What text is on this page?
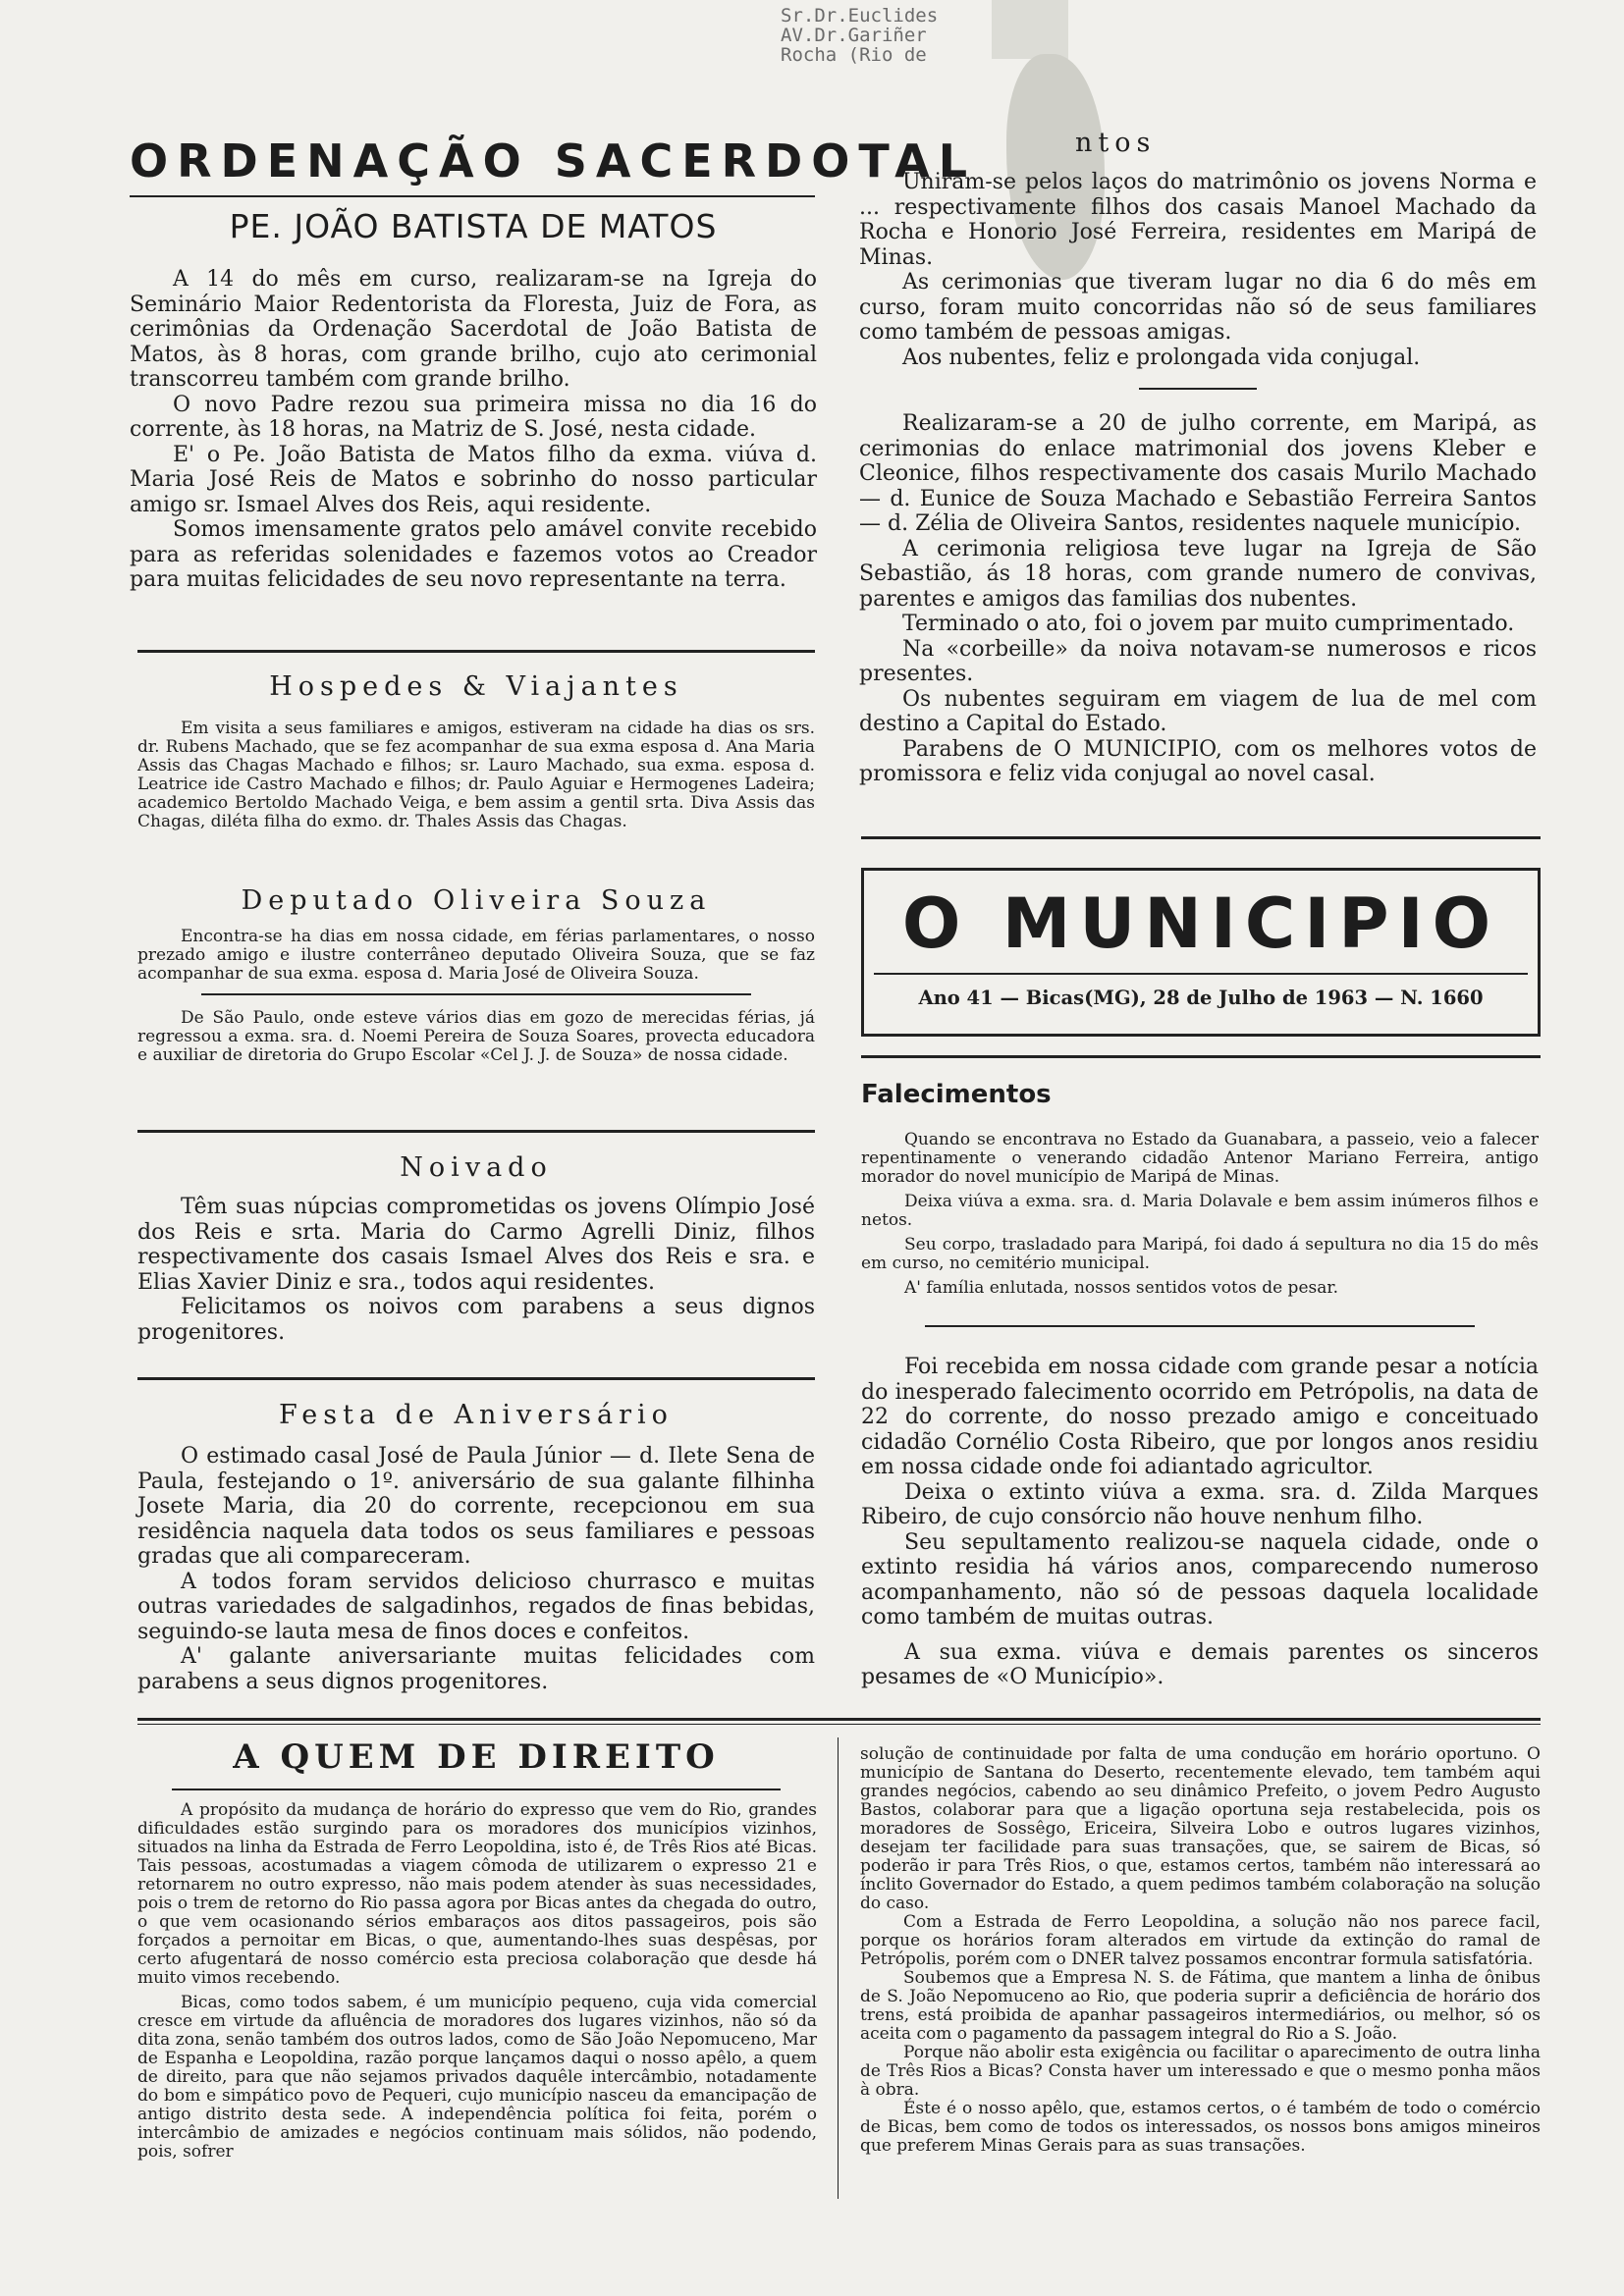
Sr.Dr.Euclides
AV.Dr.Gariñer
Rocha (Rio de
ORDENAÇÃO SACERDOTAL
PE. JOÃO BATISTA DE MATOS

A 14 do mês em curso, realizaram-se na Igreja do Seminário Maior Redentorista da Floresta, Juiz de Fora, as cerimônias da Ordenação Sacerdotal de João Batista de Matos, às 8 horas, com grande brilho, cujo ato cerimonial transcorreu também com grande brilho.

O novo Padre rezou sua primeira missa no dia 16 do corrente, às 18 horas, na Matriz de S. José, nesta cidade.

E' o Pe. João Batista de Matos filho da exma. viúva d. Maria José Reis de Matos e sobrinho do nosso particular amigo sr. Ismael Alves dos Reis, aqui residente.

Somos imensamente gratos pelo amável convite recebido para as referidas solenidades e fazemos votos ao Creador para muitas felicidades de seu novo representante na terra.

Hospedes & Viajantes

Em visita a seus familiares e amigos, estiveram na cidade ha dias os srs. dr. Rubens Machado, que se fez acompanhar de sua exma esposa d. Ana Maria Assis das Chagas Machado e filhos; sr. Lauro Machado, sua exma. esposa d. Leatrice ide Castro Machado e filhos; dr. Paulo Aguiar e Hermogenes Ladeira; academico Bertoldo Machado Veiga, e bem assim a gentil srta. Diva Assis das Chagas, diléta filha do exmo. dr. Thales Assis das Chagas.

Deputado Oliveira Souza

Encontra-se ha dias em nossa cidade, em férias parlamentares, o nosso prezado amigo e ilustre conterrâneo deputado Oliveira Souza, que se faz acompanhar de sua exma. esposa d. Maria José de Oliveira Souza.

De São Paulo, onde esteve vários dias em gozo de merecidas férias, já regressou a exma. sra. d. Noemi Pereira de Souza Soares, provecta educadora e auxiliar de diretoria do Grupo Escolar «Cel J. J. de Souza» de nossa cidade.

Noivado

Têm suas núpcias comprometidas os jovens Olímpio José dos Reis e srta. Maria do Carmo Agrelli Diniz, filhos respectivamente dos casais Ismael Alves dos Reis e sra. e Elias Xavier Diniz e sra., todos aqui residentes.

Felicitamos os noivos com parabens a seus dignos progenitores.

Festa de Aniversário

O estimado casal José de Paula Júnior — d. Ilete Sena de Paula, festejando o 1º. aniversário de sua galante filhinha Josete Maria, dia 20 do corrente, recepcionou em sua residência naquela data todos os seus familiares e pessoas gradas que ali compareceram.

A todos foram servidos delicioso churrasco e muitas outras variedades de salgadinhos, regados de finas bebidas, seguindo-se lauta mesa de finos doces e confeitos.

A' galante aniversariante muitas felicidades com parabens a seus dignos progenitores.

ntos

Uniram-se pelos laços do matrimônio os jovens Norma e ... respectivamente filhos dos casais Manoel Machado da Rocha e Honorio José Ferreira, residentes em Maripá de Minas.

As cerimonias que tiveram lugar no dia 6 do mês em curso, foram muito concorridas não só de seus familiares como também de pessoas amigas.

Aos nubentes, feliz e prolongada vida conjugal.

Realizaram-se a 20 de julho corrente, em Maripá, as cerimonias do enlace matrimonial dos jovens Kleber e Cleonice, filhos respectivamente dos casais Murilo Machado — d. Eunice de Souza Machado e Sebastião Ferreira Santos — d. Zélia de Oliveira Santos, residentes naquele município.

A cerimonia religiosa teve lugar na Igreja de São Sebastião, ás 18 horas, com grande numero de convivas, parentes e amigos das familias dos nubentes.

Terminado o ato, foi o jovem par muito cumprimentado.

Na «corbeille» da noiva notavam-se numerosos e ricos presentes.

Os nubentes seguiram em viagem de lua de mel com destino a Capital do Estado.

Parabens de O MUNICIPIO, com os melhores votos de promissora e feliz vida conjugal ao novel casal.

O MUNICIPIO
Ano 41 — Bicas(MG), 28 de Julho de 1963 — N. 1660
Falecimentos

Quando se encontrava no Estado da Guanabara, a passeio, veio a falecer repentinamente o venerando cidadão Antenor Mariano Ferreira, antigo morador do novel município de Maripá de Minas.

Deixa viúva a exma. sra. d. Maria Dolavale e bem assim inúmeros filhos e netos.

Seu corpo, trasladado para Maripá, foi dado á sepultura no dia 15 do mês em curso, no cemitério municipal.

A' família enlutada, nossos sentidos votos de pesar.

Foi recebida em nossa cidade com grande pesar a notícia do inesperado falecimento ocorrido em Petrópolis, na data de 22 do corrente, do nosso prezado amigo e conceituado cidadão Cornélio Costa Ribeiro, que por longos anos residiu em nossa cidade onde foi adiantado agricultor.

Deixa o extinto viúva a exma. sra. d. Zilda Marques Ribeiro, de cujo consórcio não houve nenhum filho.

Seu sepultamento realizou-se naquela cidade, onde o extinto residia há vários anos, comparecendo numeroso acompanhamento, não só de pessoas daquela localidade como também de muitas outras.

A sua exma. viúva e demais parentes os sinceros pesames de «O Município».

A QUEM DE DIREITO

A propósito da mudança de horário do expresso que vem do Rio, grandes dificuldades estão surgindo para os moradores dos municípios vizinhos, situados na linha da Estrada de Ferro Leopoldina, isto é, de Três Rios até Bicas. Tais pessoas, acostumadas a viagem cômoda de utilizarem o expresso 21 e retornarem no outro expresso, não mais podem atender às suas necessidades, pois o trem de retorno do Rio passa agora por Bicas antes da chegada do outro, o que vem ocasionando sérios embaraços aos ditos passageiros, pois são forçados a pernoitar em Bicas, o que, aumentando-lhes suas despêsas, por certo afugentará de nosso comércio esta preciosa colaboração que desde há muito vimos recebendo.

Bicas, como todos sabem, é um município pequeno, cuja vida comercial cresce em virtude da afluência de moradores dos lugares vizinhos, não só da dita zona, senão também dos outros lados, como de São João Nepomuceno, Mar de Espanha e Leopoldina, razão porque lançamos daqui o nosso apêlo, a quem de direito, para que não sejamos privados daquêle intercâmbio, notadamente do bom e simpático povo de Pequeri, cujo município nasceu da emancipação de antigo distrito desta sede. A independência política foi feita, porém o intercâmbio de amizades e negócios continuam mais sólidos, não podendo, pois, sofrer

solução de continuidade por falta de uma condução em horário oportuno. O município de Santana do Deserto, recentemente elevado, tem também aqui grandes negócios, cabendo ao seu dinâmico Prefeito, o jovem Pedro Augusto Bastos, colaborar para que a ligação oportuna seja restabelecida, pois os moradores de Sossêgo, Ericeira, Silveira Lobo e outros lugares vizinhos, desejam ter facilidade para suas transações, que, se sairem de Bicas, só poderão ir para Três Rios, o que, estamos certos, também não interessará ao ínclito Governador do Estado, a quem pedimos também colaboração na solução do caso.

Com a Estrada de Ferro Leopoldina, a solução não nos parece facil, porque os horários foram alterados em virtude da extinção do ramal de Petrópolis, porém com o DNER talvez possamos encontrar formula satisfatória.

Soubemos que a Empresa N. S. de Fátima, que mantem a linha de ônibus de S. João Nepomuceno ao Rio, que poderia suprir a deficiência de horário dos trens, está proibida de apanhar passageiros intermediários, ou melhor, só os aceita com o pagamento da passagem integral do Rio a S. João.

Porque não abolir esta exigência ou facilitar o aparecimento de outra linha de Três Rios a Bicas? Consta haver um interessado e que o mesmo ponha mãos à obra.

Éste é o nosso apêlo, que, estamos certos, o é também de todo o comércio de Bicas, bem como de todos os interessados, os nossos bons amigos mineiros que preferem Minas Gerais para as suas transações.
